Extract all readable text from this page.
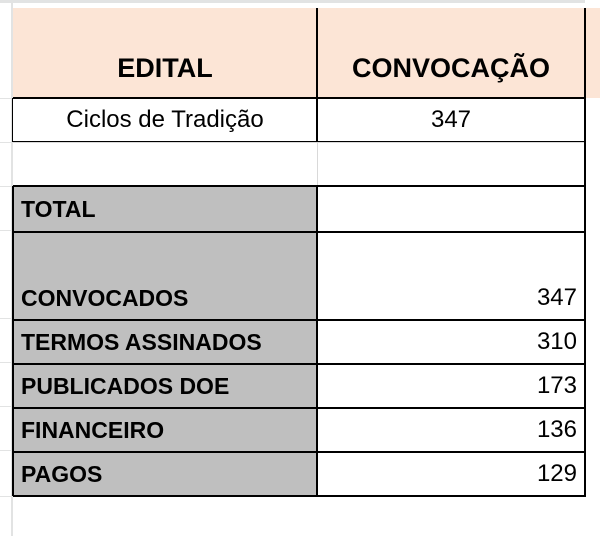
EDITAL	CONVOCAÇÃO
Ciclos de Tradição	347
TOTAL
CONVOCADOS	347
TERMOS ASSINADOS	310
PUBLICADOS DOE	173
FINANCEIRO	136
PAGOS	129
